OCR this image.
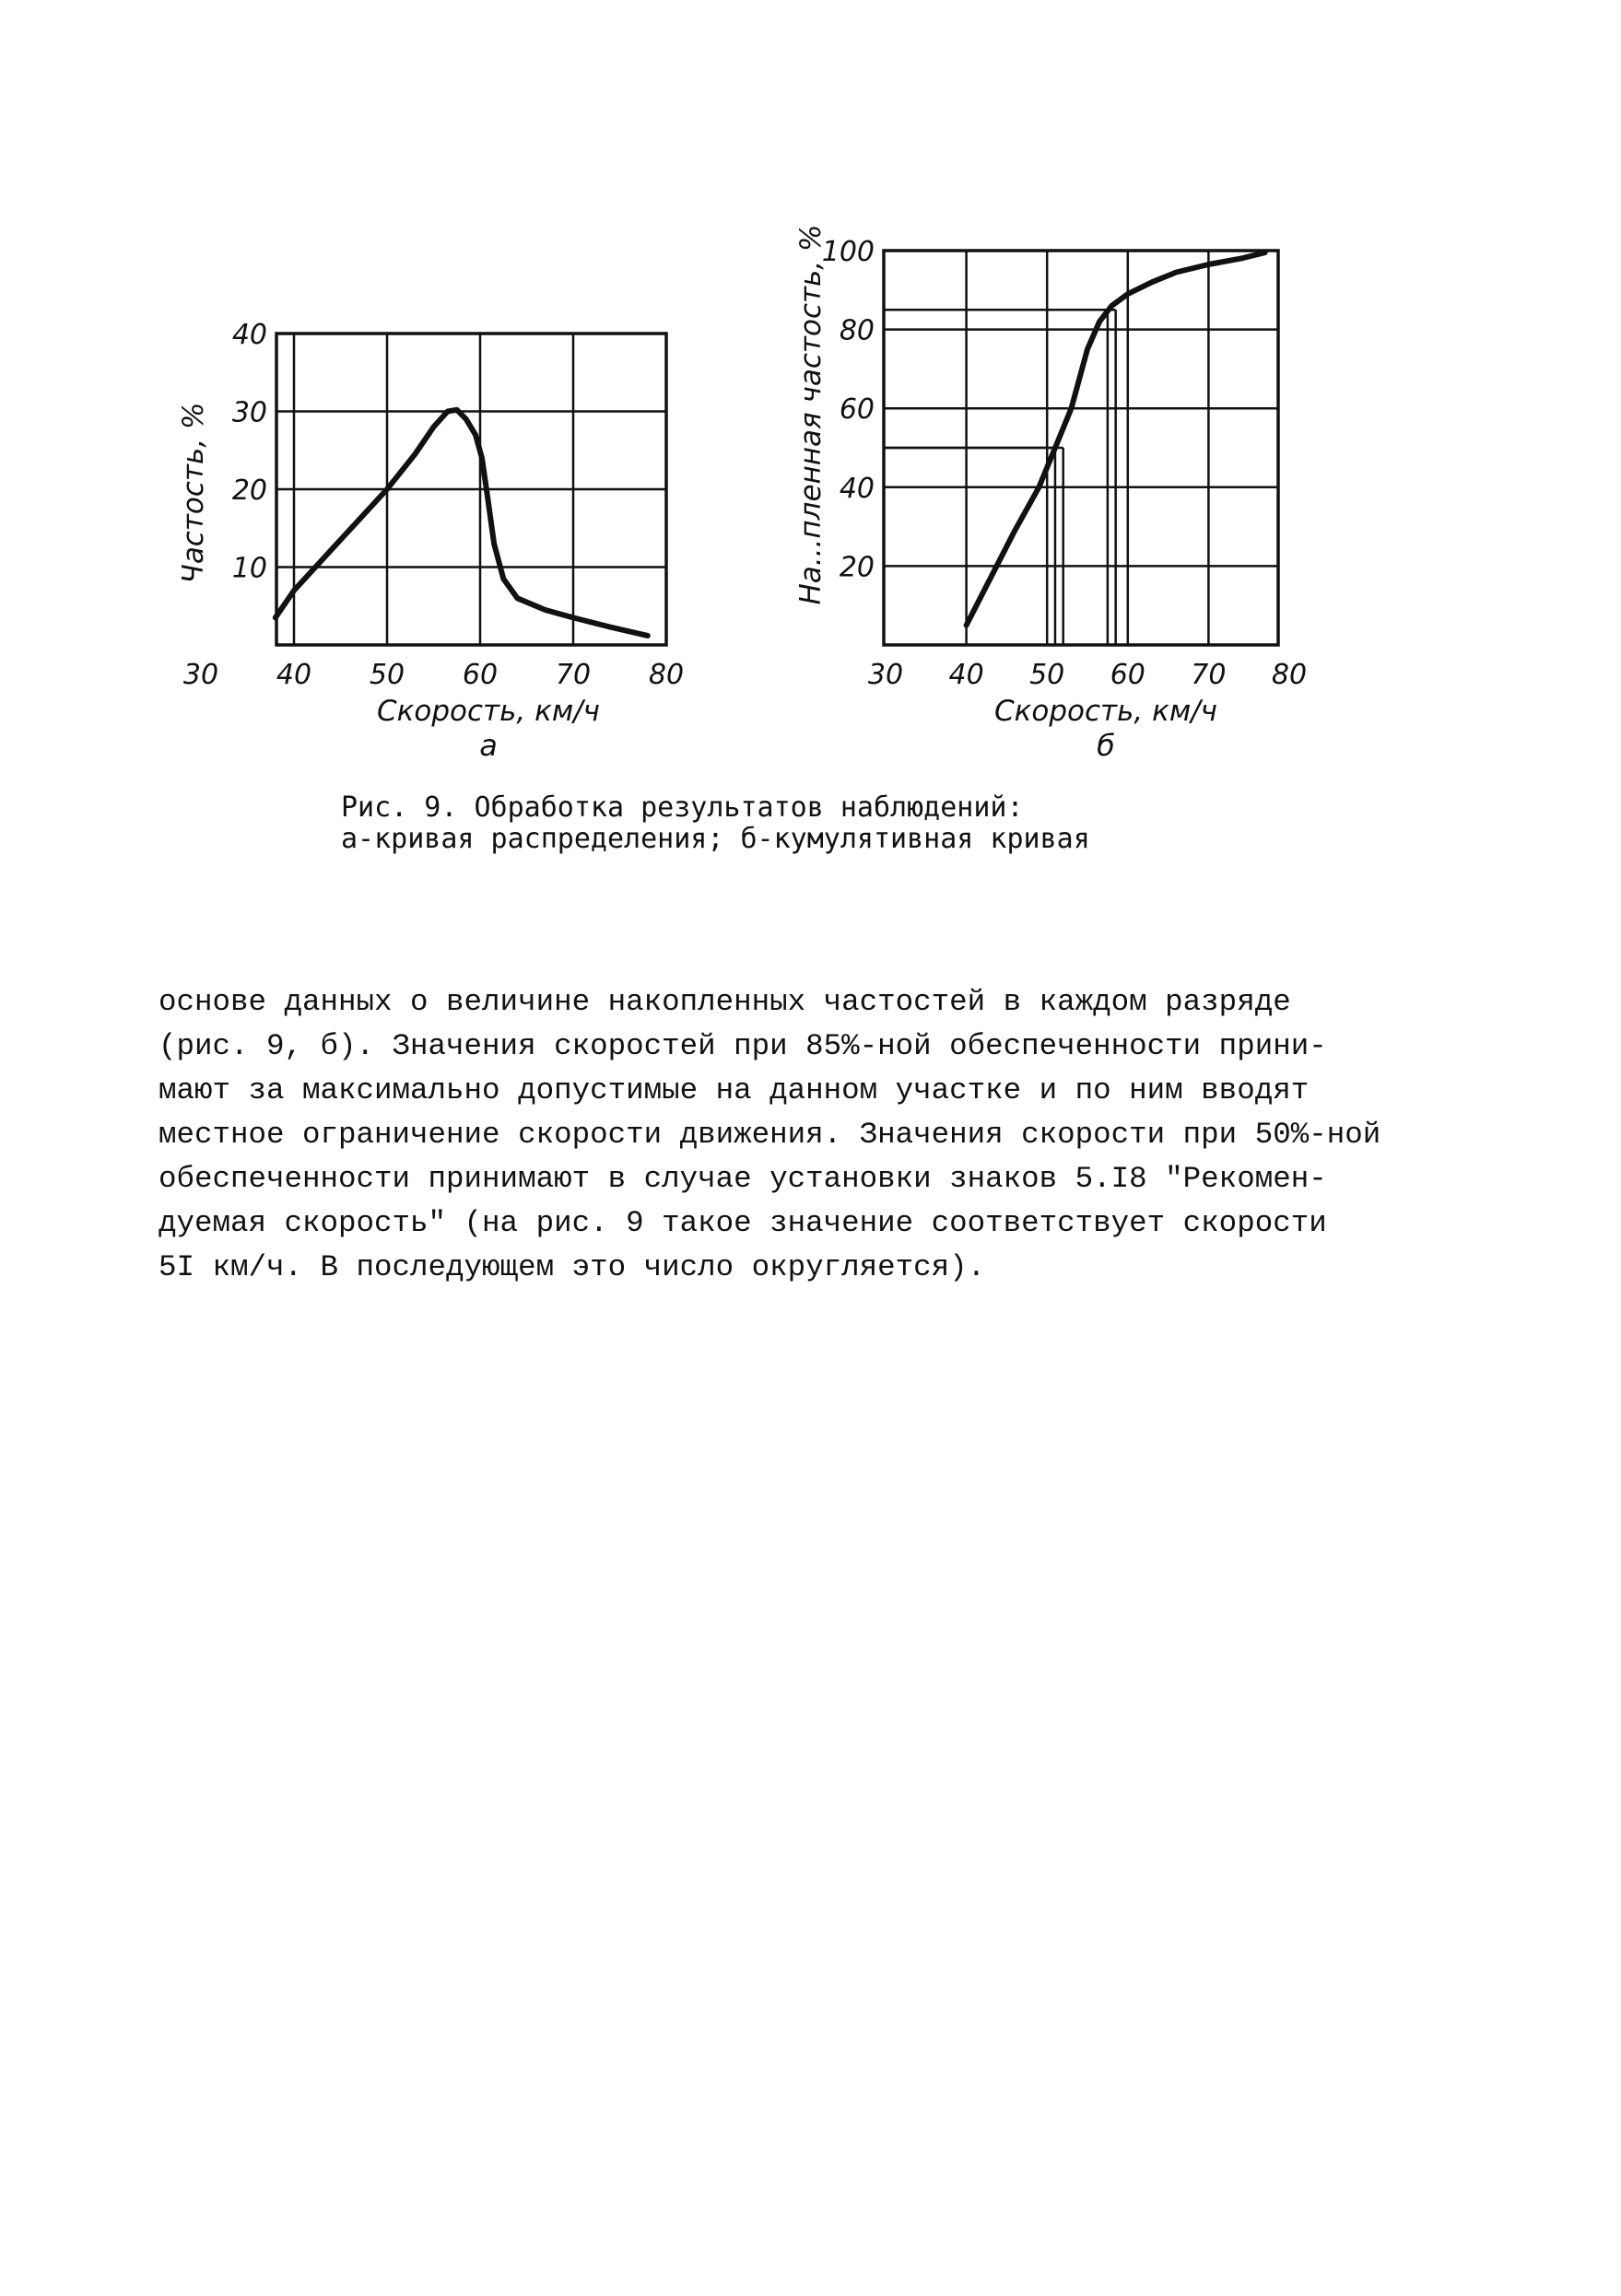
30 40 50 60 70 80
10
20
30
40
Скорость, км/ч
Частость, %
а
30 40 50 60 70 80
20
40
60
80
100
Скорость, км/ч
На...пленная частость, %
б
Рис. 9. Обработка результатов наблюдений:
а-кривая распределения; б-кумулятивная кривая
основе данных о величине накопленных частостей в каждом разряде
(рис. 9, б). Значения скоростей при 85%-ной обеспеченности прини-
мают за максимально допустимые на данном участке и по ним вводят
местное ограничение скорости движения. Значения скорости при 50%-ной
обеспеченности принимают в случае установки знаков 5.I8 "Рекомен-
дуемая скорость" (на рис. 9 такое значение соответствует скорости
5I км/ч. В последующем это число округляется).
